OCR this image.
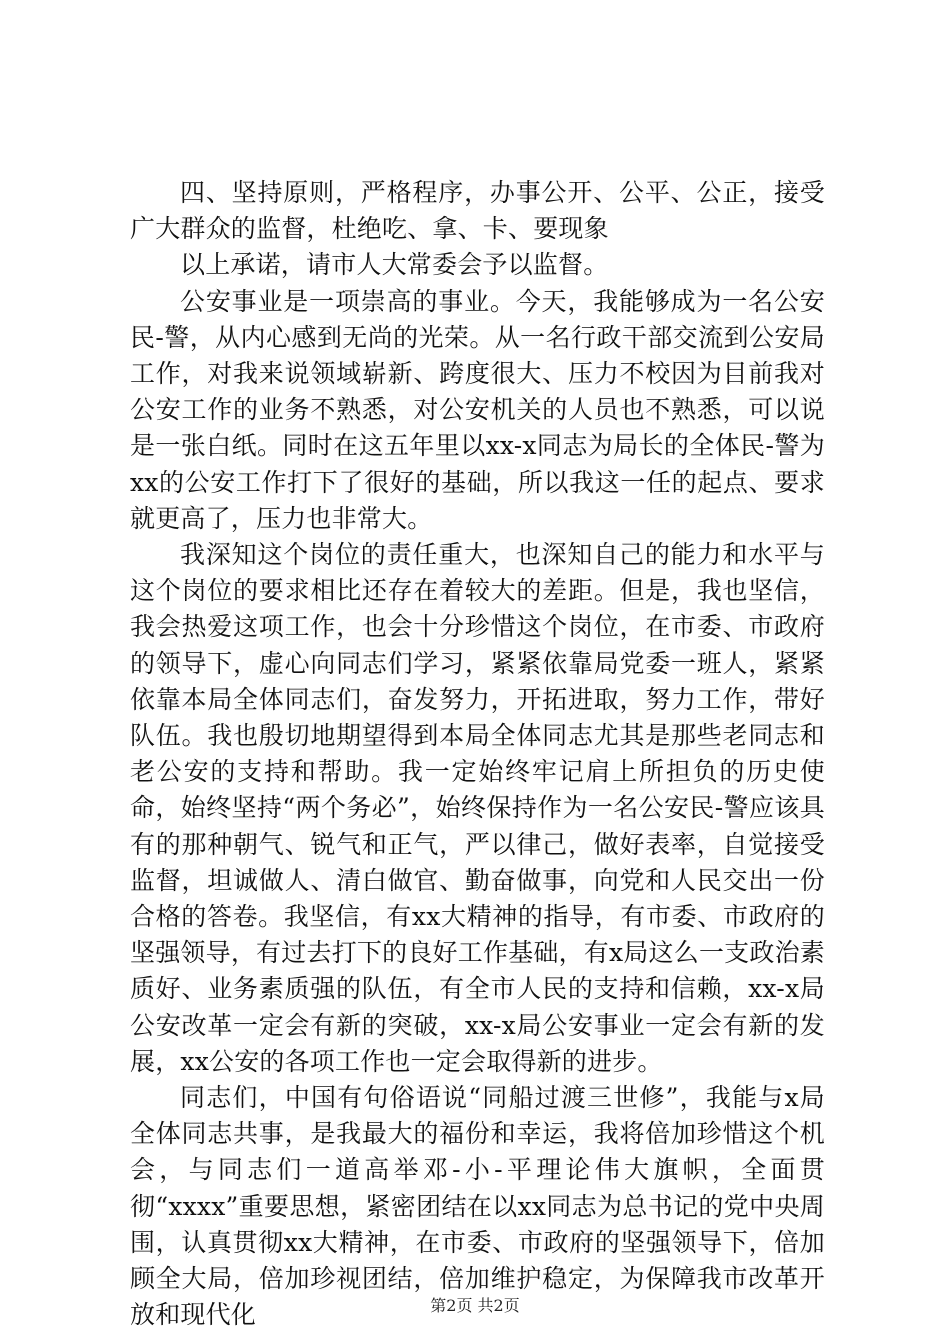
四、坚持原则，严格程序，办事公开、公平、公正，接受广大群众的监督，杜绝吃、拿、卡、要现象

以上承诺，请市人大常委会予以监督。

公安事业是一项崇高的事业。今天，我能够成为一名公安民-警，从内心感到无尚的光荣。从一名行政干部交流到公安局工作，对我来说领域崭新、跨度很大、压力不校因为目前我对公安工作的业务不熟悉，对公安机关的人员也不熟悉，可以说是一张白纸。同时在这五年里以xx-x同志为局长的全体民-警为xx的公安工作打下了很好的基础，所以我这一任的起点、要求就更高了，压力也非常大。

我深知这个岗位的责任重大，也深知自己的能力和水平与这个岗位的要求相比还存在着较大的差距。但是，我也坚信，我会热爱这项工作，也会十分珍惜这个岗位，在市委、市政府的领导下，虚心向同志们学习，紧紧依靠局党委一班人，紧紧依靠本局全体同志们，奋发努力，开拓进取，努力工作，带好队伍。我也殷切地期望得到本局全体同志尤其是那些老同志和老公安的支持和帮助。我一定始终牢记肩上所担负的历史使命，始终坚持“两个务必”，始终保持作为一名公安民-警应该具有的那种朝气、锐气和正气，严以律己，做好表率，自觉接受监督，坦诚做人、清白做官、勤奋做事，向党和人民交出一份合格的答卷。我坚信，有xx大精神的指导，有市委、市政府的坚强领导，有过去打下的良好工作基础，有x局这么一支政治素质好、业务素质强的队伍，有全市人民的支持和信赖，xx-x局公安改革一定会有新的突破，xx-x局公安事业一定会有新的发展，xx公安的各项工作也一定会取得新的进步。

同志们，中国有句俗语说“同船过渡三世修”，我能与x局全体同志共事，是我最大的福份和幸运，我将倍加珍惜这个机会，与同志们一道高举邓-小-平理论伟大旗帜，全面贯彻“xxxx”重要思想，紧密团结在以xx同志为总书记的党中央周围，认真贯彻xx大精神，在市委、市政府的坚强领导下，倍加顾全大局，倍加珍视团结，倍加维护稳定，为保障我市改革开放和现代化	第2页 共2页
